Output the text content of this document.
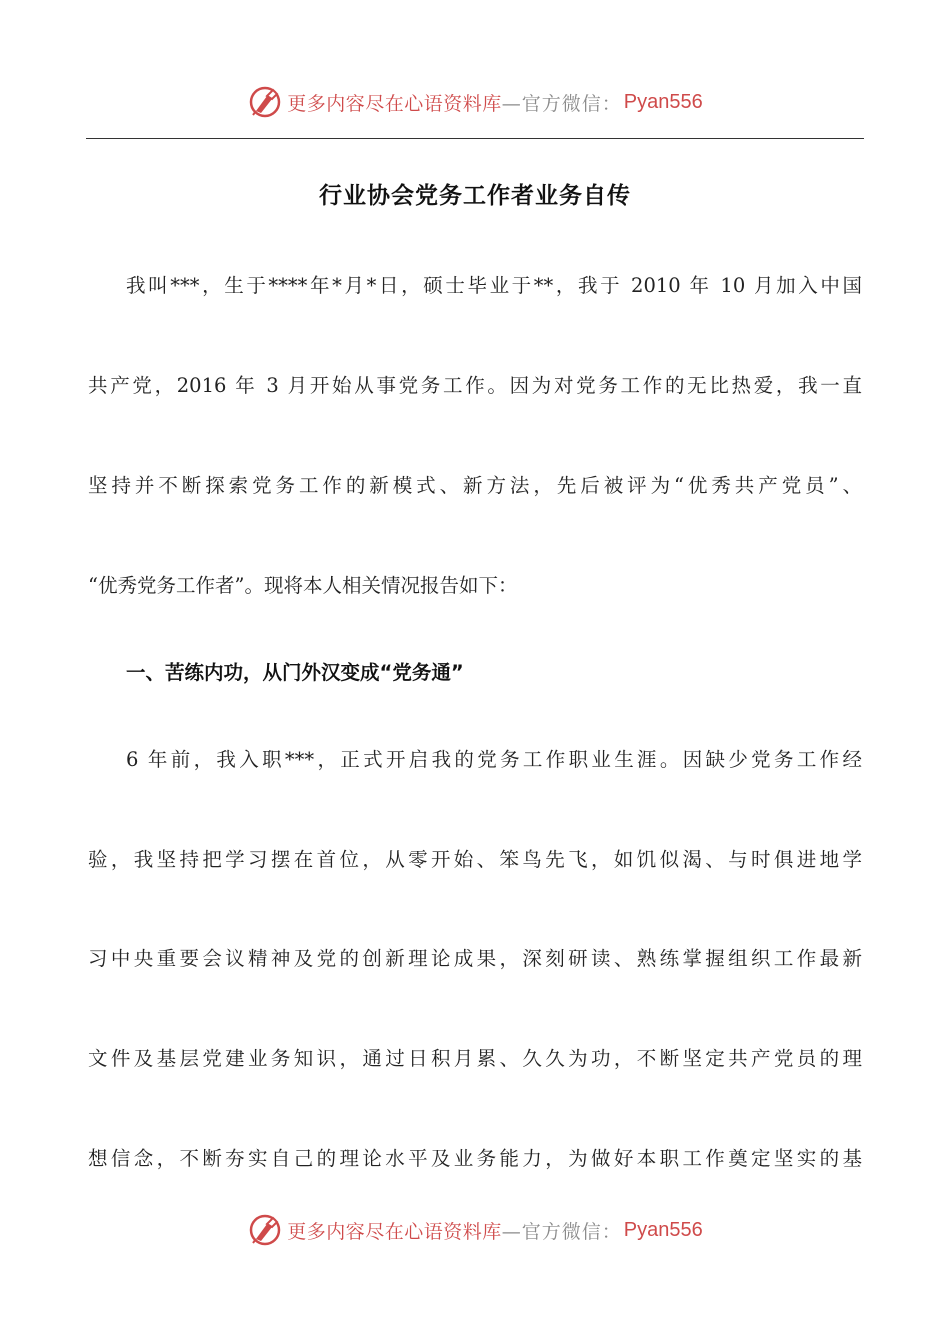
更多内容尽在心语资料库 —官方微信： Pyan556
行业协会党务工作者业务自传

我叫***，生于****年*月*日，硕士毕业于**，我于 2010 年 10 月加入中国

共产党，2016 年 3 月开始从事党务工作。因为对党务工作的无比热爱，我一直

坚持并不断探索党务工作的新模式、新方法，先后被评为“优秀共产党员”、

“优秀党务工作者”。现将本人相关情况报告如下：

一、苦练内功，从门外汉变成“党务通”

6 年前，我入职***，正式开启我的党务工作职业生涯。因缺少党务工作经

验，我坚持把学习摆在首位，从零开始、笨鸟先飞，如饥似渴、与时俱进地学

习中央重要会议精神及党的创新理论成果，深刻研读、熟练掌握组织工作最新

文件及基层党建业务知识，通过日积月累、久久为功，不断坚定共产党员的理

想信念，不断夯实自己的理论水平及业务能力，为做好本职工作奠定坚实的基

更多内容尽在心语资料库 —官方微信： Pyan556
